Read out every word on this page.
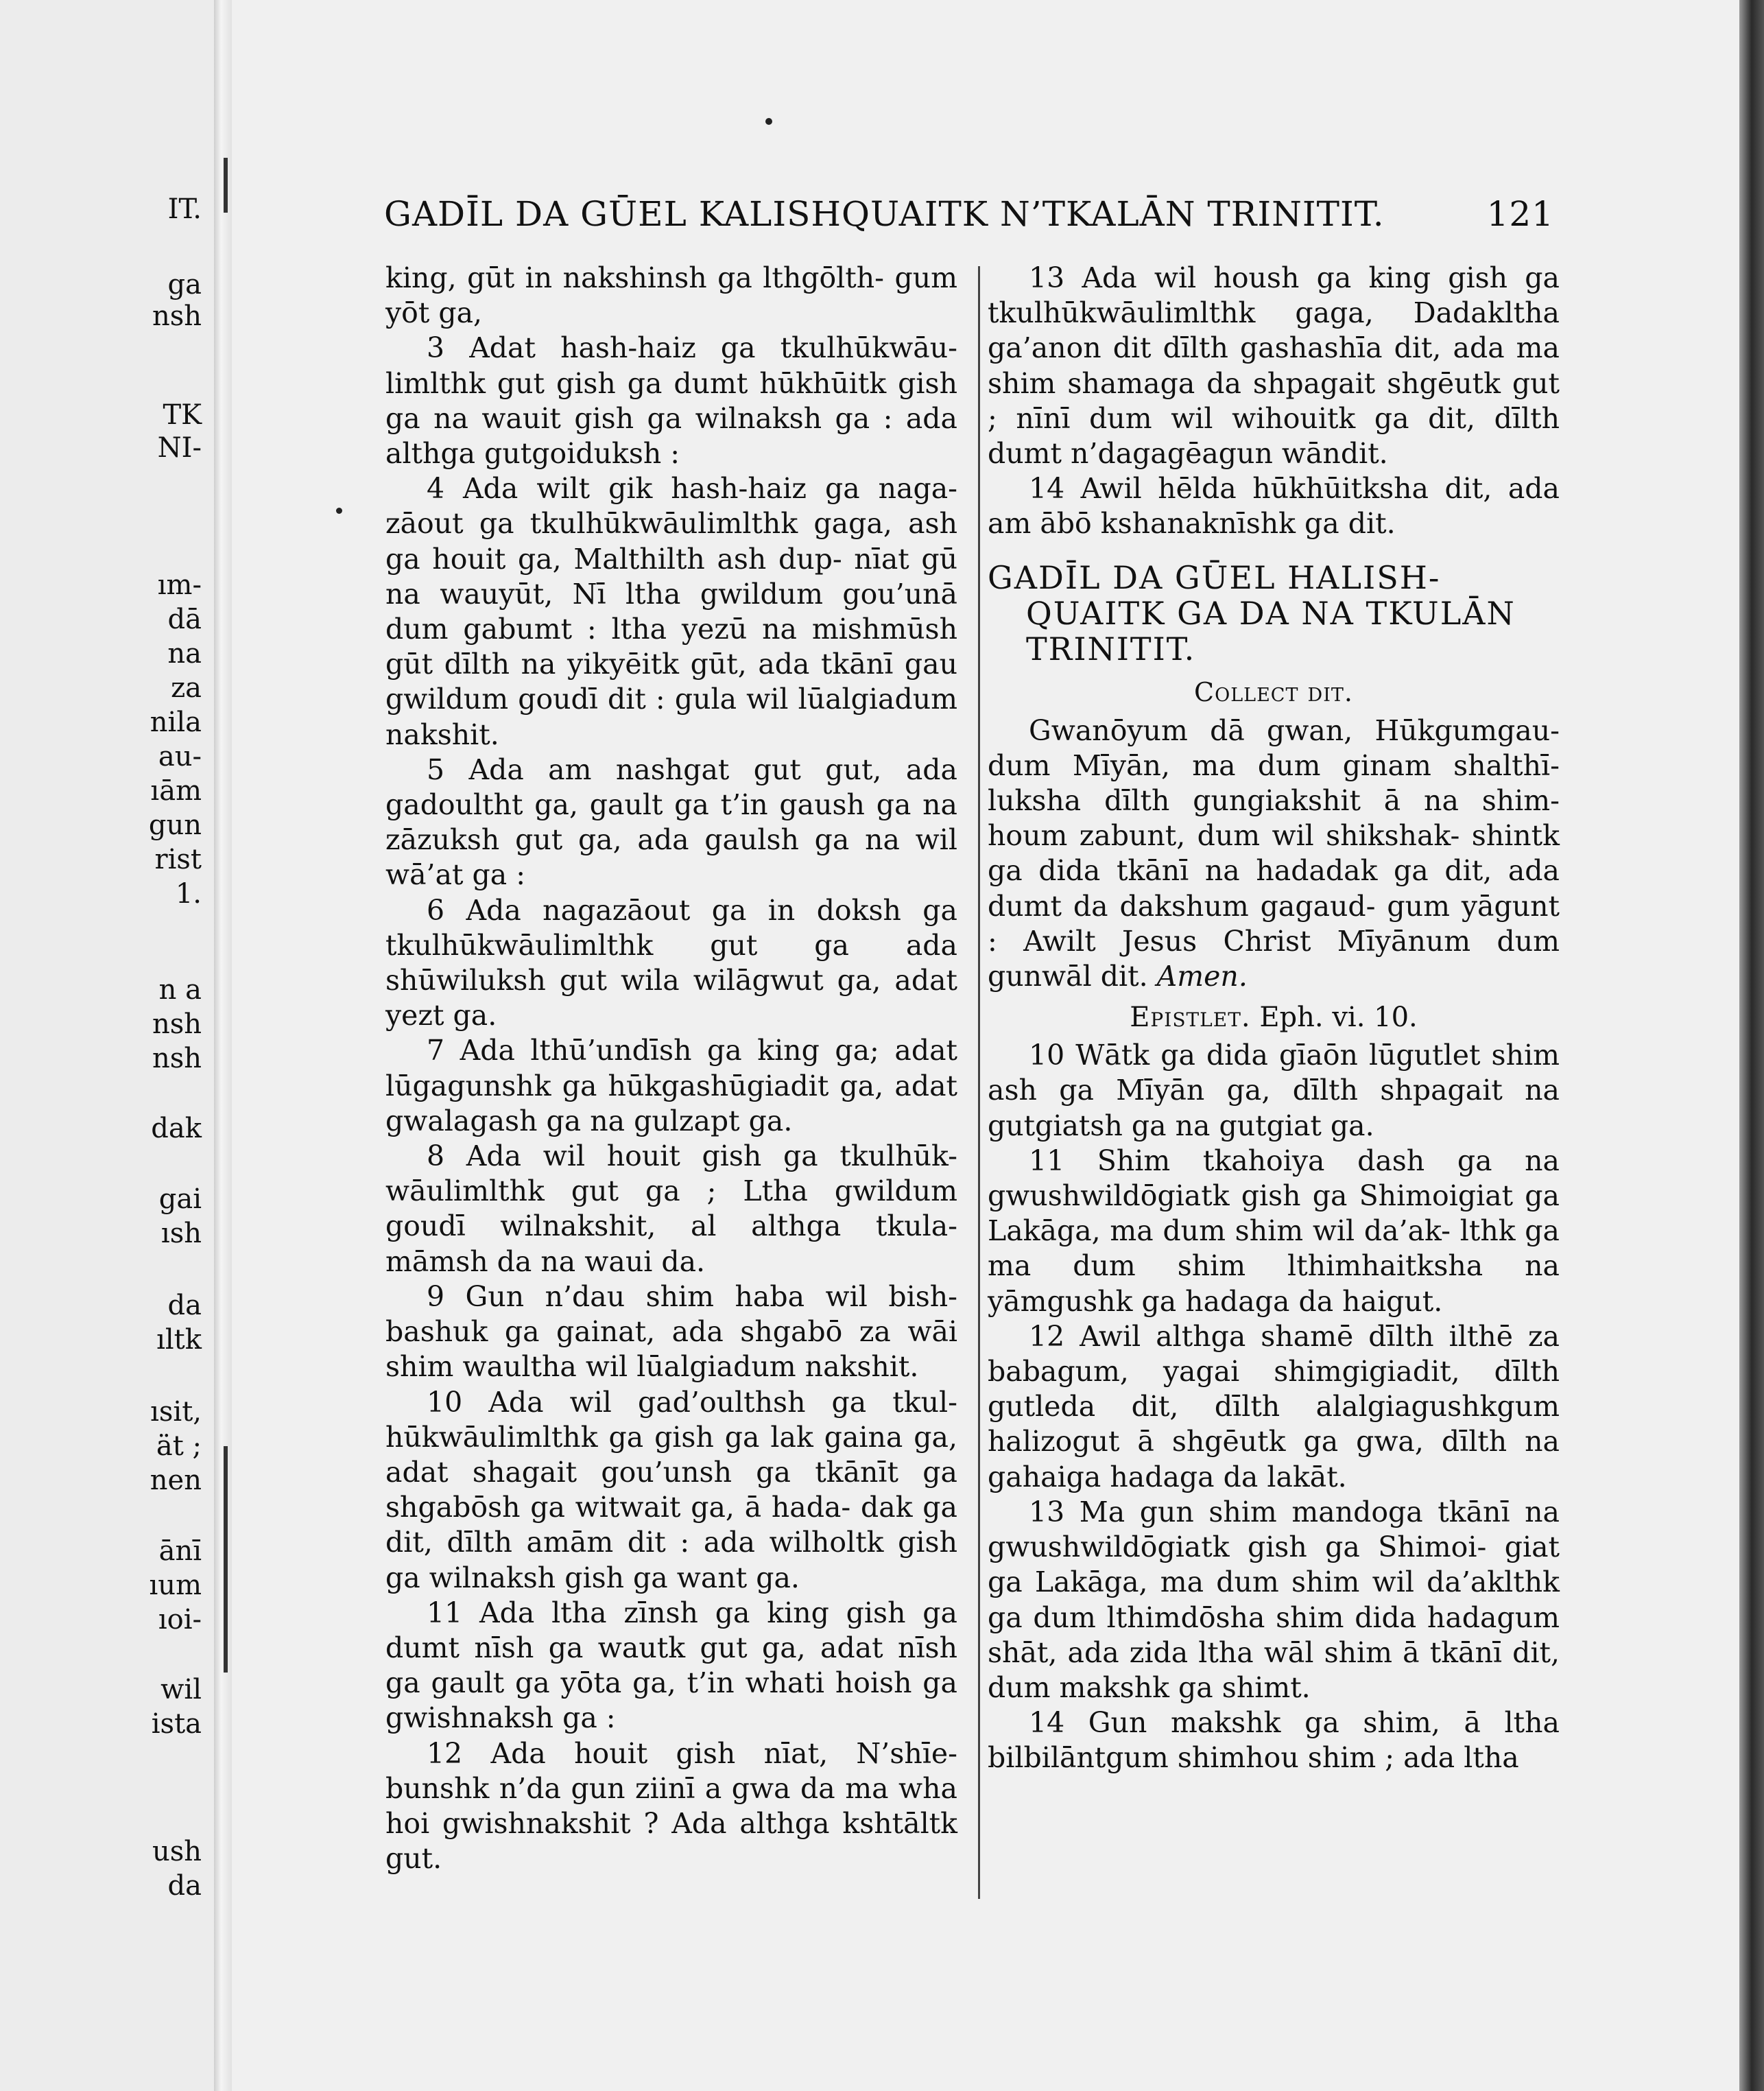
IT.
ga
nsh
TK
NI-
ım-
dā
na
za
nila
au-
ıām
gun
rist
1.
n a
nsh
nsh
dak
gai
ısh
da
ıltk
ısit,
ät ;
nen
ānī
ıum
ıoi-
wil
ista
ush
da
GADĪL DA GŪEL KALISHQUAITK N’TKALĀN TRINITIT.	121

king, gūt in nakshinsh ga lthgōlth- gum yōt ga,

3 Adat hash-haiz ga tkulhūkwāu- limlthk gut gish ga dumt hūkhūitk gish ga na wauit gish ga wilnaksh ga : ada althga gutgoiduksh :

4 Ada wilt gik hash-haiz ga naga- zāout ga tkulhūkwāulimlthk gaga, ash ga houit ga, Malthilth ash dup- nīat gū na wauyūt, Nī ltha gwildum gou’unā dum gabumt : ltha yezū na mishmūsh gūt dīlth na yikyēitk gūt, ada tkānī gau gwildum goudī dit : gula wil lūalgiadum nakshit.

5 Ada am nashgat gut gut, ada gadoultht ga, gault ga t’in gaush ga na zāzuksh gut ga, ada gaulsh ga na wil wā’at ga :

6 Ada nagazāout ga in doksh ga tkulhūkwāulimlthk gut ga ada shūwiluksh gut wila wilāgwut ga, adat yezt ga.

7 Ada lthū’undīsh ga king ga; adat lūgagunshk ga hūkgashūgiadit ga, adat gwalagash ga na gulzapt ga.

8 Ada wil houit gish ga tkulhūk- wāulimlthk gut ga ; Ltha gwildum goudī wilnakshit, al althga tkula- māmsh da na waui da.

9 Gun n’dau shim haba wil bish- bashuk ga gainat, ada shgabō za wāi shim waultha wil lūalgiadum nakshit.

10 Ada wil gad’oulthsh ga tkul- hūkwāulimlthk ga gish ga lak gaina ga, adat shagait gou’unsh ga tkānīt ga shgabōsh ga witwait ga, ā hada- dak ga dit, dīlth amām dit : ada wilholtk gish ga wilnaksh gish ga want ga.

11 Ada ltha zīnsh ga king gish ga dumt nīsh ga wautk gut ga, adat nīsh ga gault ga yōta ga, t’in whati hoish ga gwishnaksh ga :

12 Ada houit gish nīat, N’shīe- bunshk n’da gun ziinī a gwa da ma wha hoi gwishnakshit ? Ada althga kshtāltk gut.

13 Ada wil housh ga king gish ga tkulhūkwāulimlthk gaga, Dadakltha ga’anon dit dīlth gashashīa dit, ada ma shim shamaga da shpagait shgēutk gut ; nīnī dum wil wihouitk ga dit, dīlth dumt n’dagagēagun wāndit.

14 Awil hēlda hūkhūitksha dit, ada am ābō kshanaknīshk ga dit.

GADĪL DA GŪEL HALISH-
QUAITK GA DA NA TKULĀN
TRINITIT.
Collect dit.

Gwanōyum dā gwan, Hūkgumgau- dum Mīyān, ma dum ginam shalthī- luksha dīlth gungiakshit ā na shim- houm zabunt, dum wil shikshak- shintk ga dida tkānī na hadadak ga dit, ada dumt da dakshum gagaud- gum yāgunt : Awilt Jesus Christ Mīyānum dum gunwāl dit. Amen.

Epistlet. Eph. vi. 10.

10 Wātk ga dida gīaōn lūgutlet shim ash ga Mīyān ga, dīlth shpagait na gutgiatsh ga na gutgiat ga.

11 Shim tkahoiya dash ga na gwushwildōgiatk gish ga Shimoigiat ga Lakāga, ma dum shim wil da’ak- lthk ga ma dum shim lthimhaitksha na yāmgushk ga hadaga da haigut.

12 Awil althga shamē dīlth ilthē za babagum, yagai shimgigiadit, dīlth gutleda dit, dīlth alalgiagushkgum halizogut ā shgēutk ga gwa, dīlth na gahaiga hadaga da lakāt.

13 Ma gun shim mandoga tkānī na gwushwildōgiatk gish ga Shimoi- giat ga Lakāga, ma dum shim wil da’aklthk ga dum lthimdōsha shim dida hadagum shāt, ada zida ltha wāl shim ā tkānī dit, dum makshk ga shimt.

14 Gun makshk ga shim, ā ltha bilbilāntgum shimhou shim ; ada ltha
